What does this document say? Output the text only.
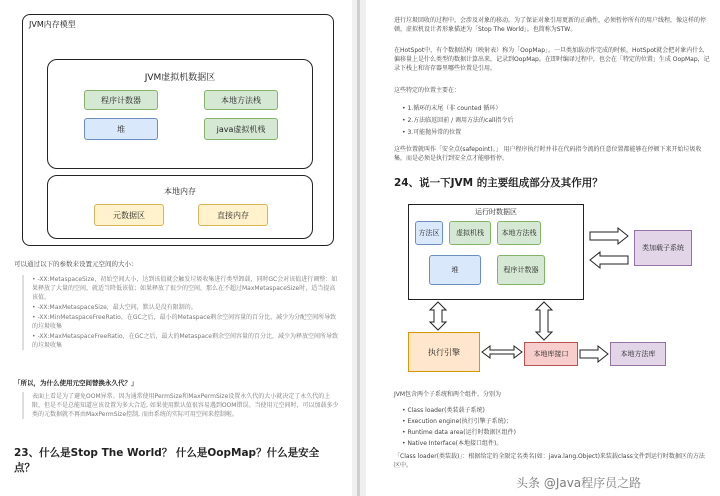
JVM内存模型
JVM虚拟机数据区
程序计数器	本地方法栈
堆	java虚拟机栈
本地内存
元数据区	直接内存
可以通过以下的参数来设置元空间的大小：
• -XX:MetaspaceSize，初始空间大小，达到该值就会触发垃圾收集进行类型卸载，同时GC会对该值进行调整：如果释放了大量的空间，就适当降低该值；如果释放了很少的空间，那么在不超过MaxMetaspaceSize时，适当提高该值。
• -XX:MaxMetaspaceSize，最大空间，默认是没有限制的。
• -XX:MinMetaspaceFreeRatio，在GC之后，最小的Metaspace剩余空间容量的百分比，减少为分配空间所导致的垃圾收集
• -XX:MaxMetaspaceFreeRatio，在GC之后，最大的Metaspace剩余空间容量的百分比，减少为释放空间所导致的垃圾收集
「所以，为什么使用元空间替换永久代？」
表面上看是为了避免OOM异常。因为通常使用PermSize和MaxPermSize设置永久代的大小就决定了永久代的上限，但是不是总能知道应该设置为多大合适, 如果使用默认值很容易遇到OOM错误。当使用元空间时，可以加载多少类的元数据就不再由MaxPermSize控制, 而由系统的实际可用空间来控制啦。
23、什么是Stop The World？ 什么是OopMap？什么是安全
点？
进行垃圾回收的过程中，会涉及对象的移动。为了保证对象引用更新的正确性，必须暂停所有的用户线程，像这样的停顿，虚拟机设计者形象描述为「Stop The World」。也简称为STW。
在HotSpot中，有个数据结构（映射表）称为「OopMap」。一旦类加载动作完成的时候，HotSpot就会把对象内什么偏移量上是什么类型的数据计算出来，记录到OopMap。在即时编译过程中，也会在「特定的位置」生成 OopMap，记录下栈上和寄存器里哪些位置是引用。
这些特定的位置主要在：
• 1.循环的末尾（非 counted 循环）
• 2.方法临返回前 / 调用方法的call指令后
• 3.可能抛异常的位置
这些位置就叫作「安全点(safepoint)。」 用户程序执行时并非在代码指令流的任意位置都能够在停顿下来开始垃圾收集，而是必须是执行到安全点才能够暂停。
24、说一下JVM 的主要组成部分及其作用？
运行时数据区
方法区	虚拟机栈	本地方法栈
堆	程序计数器
类加载子系统
执行引擎	本地库接口	本地方法库
JVM包含两个子系统和两个组件，分别为
• Class loader(类装载子系统)
• Execution engine(执行引擎子系统)；
• Runtime data area(运行时数据区组件)
• Native Interface(本地接口组件)。
「Class loader(类装载)」：根据给定的全限定名类名(如：java.lang.Object)来装载class文件到运行时数据区的方法区中。
头条 @Java程序员之路
